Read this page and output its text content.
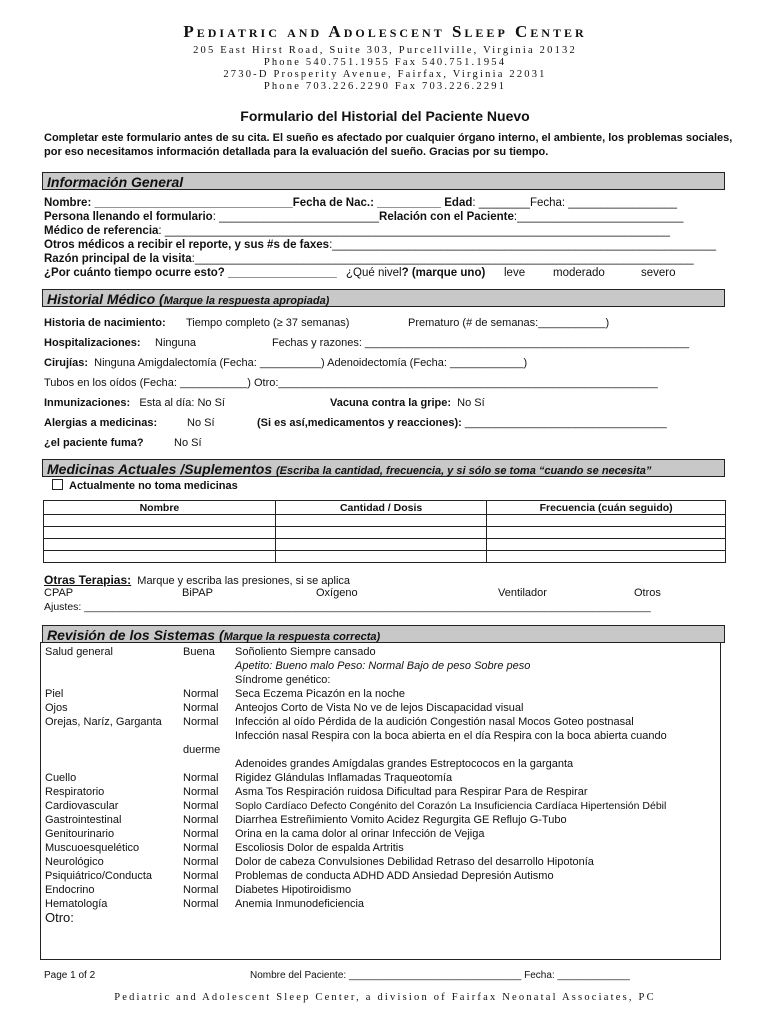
Pediatric and Adolescent Sleep Center
205 East Hirst Road, Suite 303, Purcellville, Virginia 20132
Phone 540.751.1955 Fax 540.751.1954
2730-D Prosperity Avenue, Fairfax, Virginia 22031
Phone 703.226.2290 Fax 703.226.2291
Formulario del Historial del Paciente Nuevo
Completar este formulario antes de su cita. El sueño es afectado por cualquier órgano interno, el ambiente, los problemas sociales, por eso necesitamos información detallada para la evaluación del sueño. Gracias por su tiempo.
Información General
Nombre: _______________________________Fecha de Nac.: __________ Edad: ________Fecha: _________________
Persona llenando el formulario: _________________________Relación con el Paciente:__________________________
Médico de referencia: _______________________________________________________________________________
Otros médicos a recibir el reporte, y sus #s de faxes:____________________________________________________________
Razón principal de la visita:______________________________________________________________________________
¿Por cuánto tiempo ocurre esto? _________________ ¿Qué nivel? (marque uno) leve moderado	severo
Historial Médico (Marque la respuesta apropiada)
Historia de nacimiento: Tiempo completo (≥ 37 semanas)	Prematuro (# de semanas:___________)
Hospitalizaciones: Ninguna	Fechas y razones: _____________________________________________________
Cirujías: Ninguna Amigdalectomía (Fecha: __________) Adenoidectomía (Fecha: ____________)
Tubos en los oídos (Fecha: ___________) Otro:______________________________________________________________
Inmunizaciones: Esta al día: No Sí	Vacuna contra la gripe: No Sí
Alergias a medicinas:	No Sí	(Si es así,medicamentos y reacciones): _________________________________
¿el paciente fuma?	No Sí
Medicinas Actuales /Suplementos (Escriba la cantidad, frecuencia, y si sólo se toma “cuando se necesita”
Actualmente no toma medicinas
Nombre	Cantidad / Dosis	Frecuencia (cuán seguido)

Otras Terapias: Marque y escriba las presiones, si se aplica
CPAP	BiPAP	Oxígeno	Ventilador	Otros
Ajustes: _________________________________________________________________________________________________
Revisión de los Sistemas (Marque la respuesta correcta)
Salud general	Buena Soñoliento Siempre cansado
Apetito: Bueno malo Peso: Normal Bajo de peso Sobre peso
Síndrome genético:
Piel	Normal Seca Eczema Picazón en la noche
Ojos	Normal Anteojos Corto de Vista No ve de lejos Discapacidad visual
Orejas, Naríz, Garganta Normal Infección al oído Pérdida de la audición Congestión nasal Mocos Goteo postnasal
Infección nasal Respira con la boca abierta en el día Respira con la boca abierta cuando
duerme
Adenoides grandes Amígdalas grandes Estreptococos en la garganta
Cuello	Normal Rigidez Glándulas Inflamadas Traqueotomía
Respiratorio	Normal Asma Tos Respiración ruidosa Dificultad para Respirar Para de Respirar
Cardiovascular	Normal Soplo Cardíaco Defecto Congénito del Corazón La Insuficiencia Cardíaca Hipertensión Débil
Gastrointestinal	Normal Diarrhea Estreñimiento Vomito Acidez Regurgita GE Reflujo G-Tubo
Genitourinario	Normal Orina en la cama dolor al orinar Infección de Vejiga
Muscuoesquelético	Normal Escoliosis Dolor de espalda Artritis
Neurológico	Normal Dolor de cabeza Convulsiones Debilidad Retraso del desarrollo Hipotonía
Psiquiátrico/Conducta	Normal Problemas de conducta ADHD ADD Ansiedad Depresión Autismo
Endocrino	Normal Diabetes Hipotiroidismo
Hematología	Normal Anemia Inmunodeficiencia
Otro:
Page 1 of 2	Nombre del Paciente: _______________________________ Fecha: _____________
Pediatric and Adolescent Sleep Center, a division of Fairfax Neonatal Associates, PC
